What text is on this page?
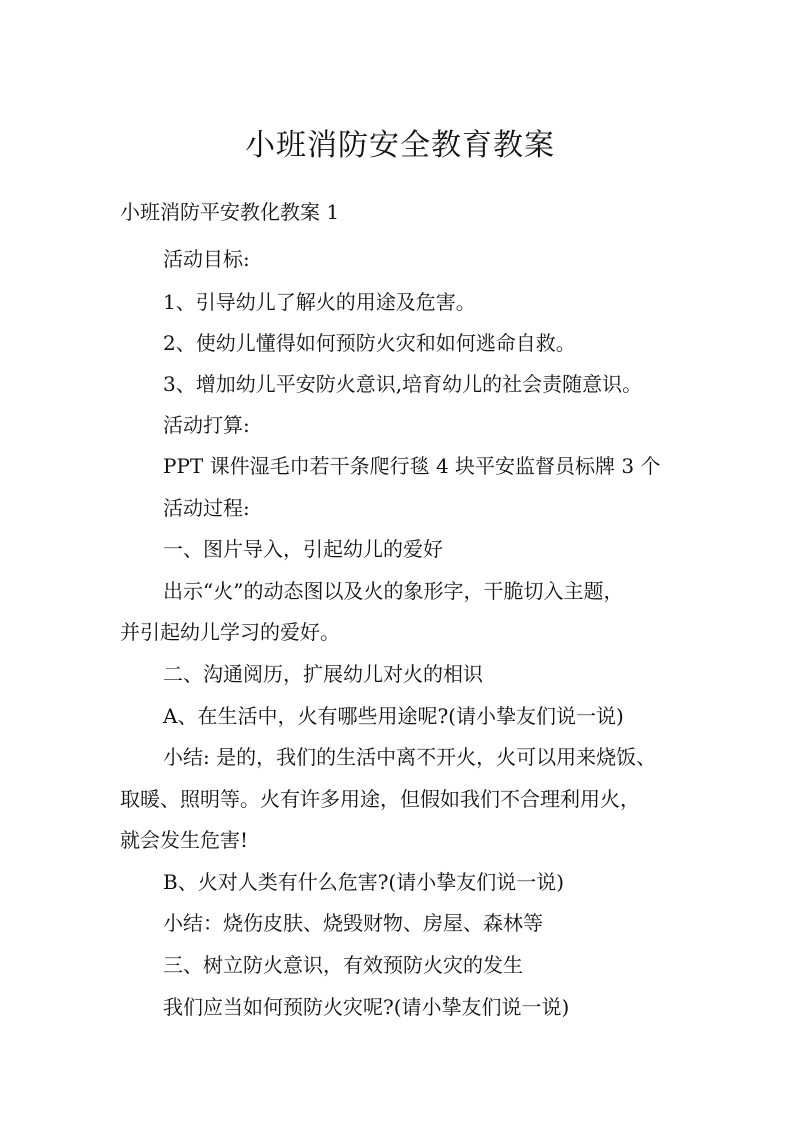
小班消防安全教育教案
小班消防平安教化教案 1
活动目标:
1、引导幼儿了解火的用途及危害。
2、使幼儿懂得如何预防火灾和如何逃命自救。
3、增加幼儿平安防火意识,培育幼儿的社会责随意识。
活动打算:
PPT 课件湿毛巾若干条爬行毯 4 块平安监督员标牌 3 个
活动过程:
一、图片导入，引起幼儿的爱好
出示“火”的动态图以及火的象形字，干脆切入主题，
并引起幼儿学习的爱好。
二、沟通阅历，扩展幼儿对火的相识
A、在生活中，火有哪些用途呢?(请小挚友们说一说)
小结: 是的，我们的生活中离不开火，火可以用来烧饭、
取暖、照明等。火有许多用途，但假如我们不合理利用火，
就会发生危害!
B、火对人类有什么危害?(请小挚友们说一说)
小结：烧伤皮肤、烧毁财物、房屋、森林等
三、树立防火意识，有效预防火灾的发生
我们应当如何预防火灾呢?(请小挚友们说一说)
